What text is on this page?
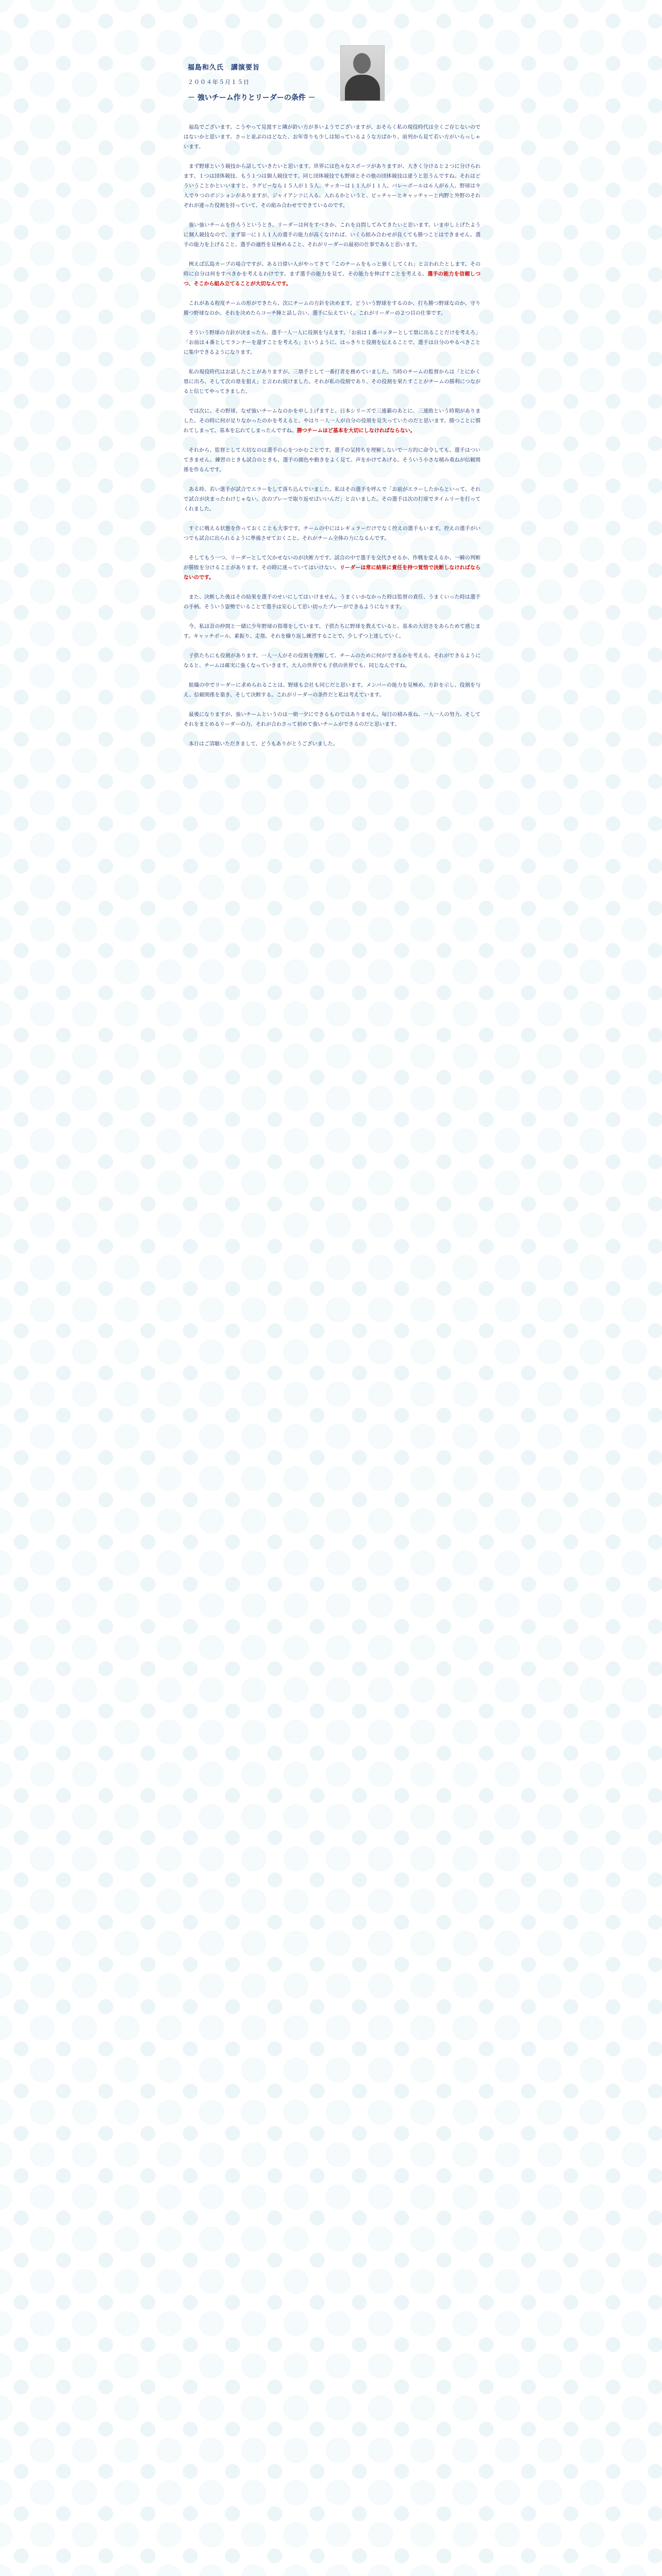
福島和久氏　講演要旨
２００４年５月１５日
－ 強いチーム作りとリーダーの条件 －

福島でございます。こうやって見渡すと隣が鈴い方が多いようでございますが、おそらく私の現役時代は全くご存じないのではないかと思います。さっと並ぶのはどなた、お年寄りも少しは知っているような方ばかり、前列から見て若い方がいらっしゃいます。

まず野球という競技から話していきたいと思います。世界には色々なスポーツがありますが、大きく分けると２つに分けられます。１つは団体競技、もう１つは個人競技です。同じ団体競技でも野球とその他の団体競技は違うと思うんですね。それはどういうことかといいますと、ラグビーなら１５人が１５人、サッカーは１１人が１１人、バレーボールは６人が６人、野球は９人で９つのポジションがありますが、ジャイアンツに入る、入れるかというと、ピッチャーとキャッチャーと内野と外野のそれぞれが違った役割を持っていて、その組み合わせでできているのです。

強い強いチームを作ろうというとき、リーダーは何をすべきか、これを自問してみてきたいと思います。いま申し上げたように個人競技なので、まず第一に１人１人の選手の能力が高くなければ、いくら組み合わせが良くても勝つことはできません。選手の能力を上げること、選手の適性を見極めること、それがリーダーの最初の仕事であると思います。

例えば広島カープの場合ですが、ある日偉い人がやってきて「このチームをもっと強くしてくれ」と言われたとします。その時に自分は何をすべきかを考えるわけです。まず選手の能力を見て、その能力を伸ばすことを考える。選手の能力を信頼しつつ、そこから組み立てることが大切なんです。

これがある程度チームの形ができたら、次にチームの方針を決めます。どういう野球をするのか、打ち勝つ野球なのか、守り勝つ野球なのか。それを決めたらコーチ陣と話し合い、選手に伝えていく。これがリーダーの２つ目の仕事です。

そういう野球の方針が決まったら、選手一人一人に役割を与えます。「お前は１番バッターとして塁に出ることだけを考えろ」「お前は４番としてランナーを還すことを考えろ」というように、はっきりと役割を伝えることで、選手は自分のやるべきことに集中できるようになります。

私の現役時代はお話したことがありますが、三塁手として一番打者を務めていました。当時のチームの監督からは「とにかく塁に出ろ、そして次の塁を狙え」と言われ続けました。それが私の役割であり、その役割を果たすことがチームの勝利につながると信じてやってきました。

では次に、その野球、なぜ強いチームなのかを申し上げますと、日本シリーズで三連覇のあとに、三連敗という時期がありました。その時に何が足りなかったのかを考えると、やはり一人一人が自分の役割を見失っていたのだと思います。勝つことに慣れてしまって、基本を忘れてしまったんですね。勝つチームほど基本を大切にしなければならない。

それから、監督として大切なのは選手の心をつかむことです。選手の気持ちを理解しないで一方的に命令しても、選手はついてきません。練習のときも試合のときも、選手の顔色や動きをよく見て、声をかけてあげる。そういう小さな積み重ねが信頼関係を作るんです。

ある時、若い選手が試合でエラーをして落ち込んでいました。私はその選手を呼んで「お前がエラーしたからといって、それで試合が決まったわけじゃない。次のプレーで取り返せばいいんだ」と言いました。その選手は次の打席でタイムリーを打ってくれました。

すぐに戦える状態を作っておくことも大事です。チームの中にはレギュラーだけでなく控えの選手もいます。控えの選手がいつでも試合に出られるように準備させておくこと、それがチーム全体の力になるんです。

そしてもう一つ、リーダーとして欠かせないのが決断力です。試合の中で選手を交代させるか、作戦を変えるか、一瞬の判断が勝敗を分けることがあります。その時に迷っていてはいけない。リーダーは常に結果に責任を持つ覚悟で決断しなければならないのです。

また、決断した後はその結果を選手のせいにしてはいけません。うまくいかなかった時は監督の責任、うまくいった時は選手の手柄。そういう姿勢でいることで選手は安心して思い切ったプレーができるようになります。

今、私は昔の仲間と一緒に少年野球の指導をしています。子供たちに野球を教えていると、基本の大切さをあらためて感じます。キャッチボール、素振り、走塁、それを繰り返し練習することで、少しずつ上達していく。

子供たちにも役割があります。一人一人がその役割を理解して、チームのために何ができるかを考える。それができるようになると、チームは確実に強くなっていきます。大人の世界でも子供の世界でも、同じなんですね。

組織の中でリーダーに求められることは、野球も会社も同じだと思います。メンバーの能力を見極め、方針を示し、役割を与え、信頼関係を築き、そして決断する。これがリーダーの条件だと私は考えています。

最後になりますが、強いチームというのは一朝一夕にできるものではありません。毎日の積み重ね、一人一人の努力、そしてそれをまとめるリーダーの力、それが合わさって初めて強いチームができるのだと思います。

本日はご清聴いただきまして、どうもありがとうございました。
